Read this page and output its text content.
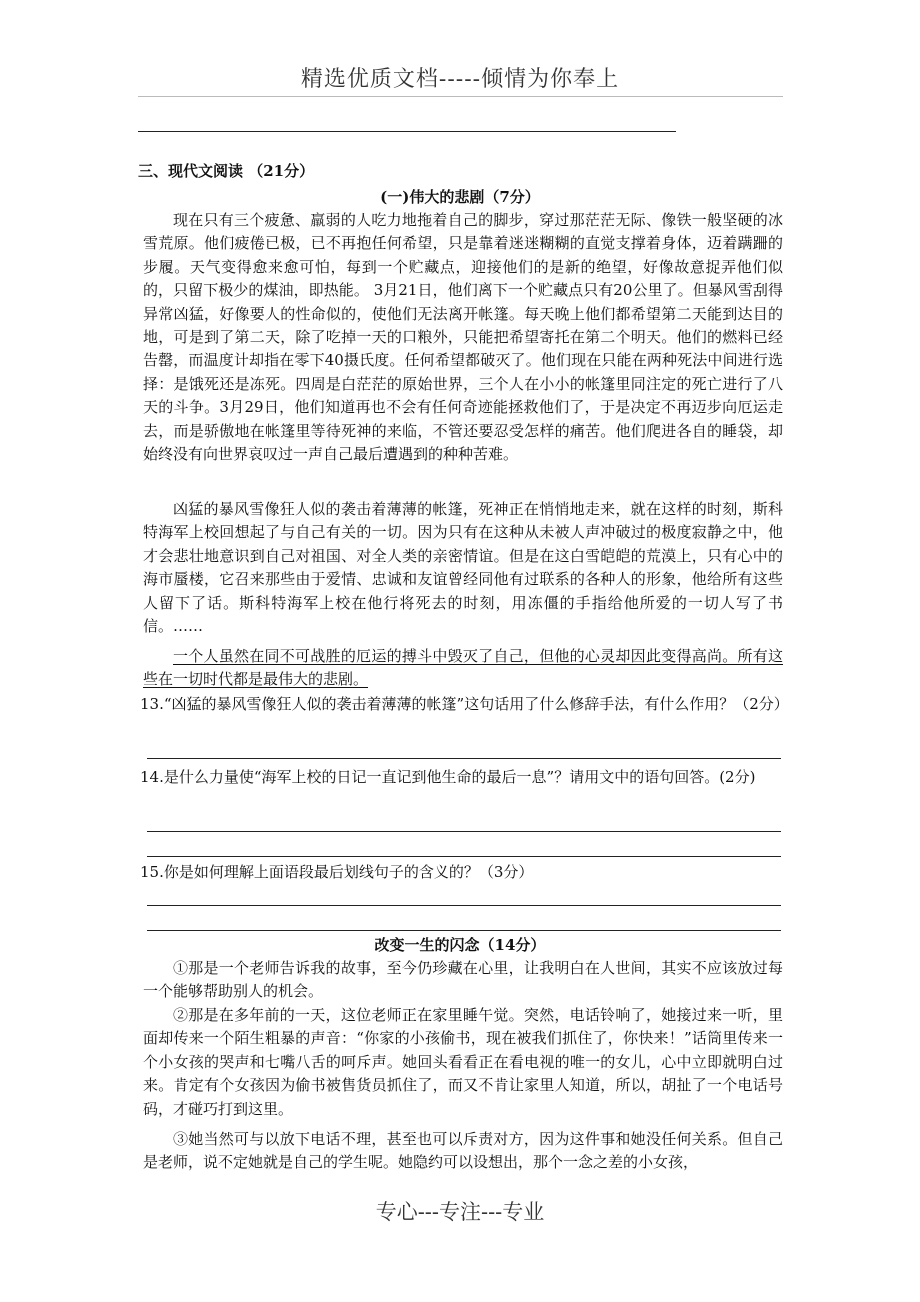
精选优质文档-----倾情为你奉上
三、现代文阅读 （21分）
(一)伟大的悲剧（7分）
现在只有三个疲惫、羸弱的人吃力地拖着自己的脚步，穿过那茫茫无际、像铁一般坚硬的冰雪荒原。他们疲倦已极，已不再抱任何希望，只是靠着迷迷糊糊的直觉支撑着身体，迈着蹒跚的步履。天气变得愈来愈可怕，每到一个贮藏点，迎接他们的是新的绝望，好像故意捉弄他们似的，只留下极少的煤油，即热能。 3月21日，他们离下一个贮藏点只有20公里了。但暴风雪刮得异常凶猛，好像要人的性命似的，使他们无法离开帐篷。每天晚上他们都希望第二天能到达目的地，可是到了第二天，除了吃掉一天的口粮外，只能把希望寄托在第二个明天。他们的燃料已经告罄，而温度计却指在零下40摄氏度。任何希望都破灭了。他们现在只能在两种死法中间进行选择：是饿死还是冻死。四周是白茫茫的原始世界，三个人在小小的帐篷里同注定的死亡进行了八天的斗争。3月29日，他们知道再也不会有任何奇迹能拯救他们了，于是决定不再迈步向厄运走去，而是骄傲地在帐篷里等待死神的来临，不管还要忍受怎样的痛苦。他们爬进各自的睡袋，却始终没有向世界哀叹过一声自己最后遭遇到的种种苦难。
凶猛的暴风雪像狂人似的袭击着薄薄的帐篷，死神正在悄悄地走来，就在这样的时刻，斯科特海军上校回想起了与自己有关的一切。因为只有在这种从未被人声冲破过的极度寂静之中，他才会悲壮地意识到自己对祖国、对全人类的亲密情谊。但是在这白雪皑皑的荒漠上，只有心中的海市蜃楼，它召来那些由于爱情、忠诚和友谊曾经同他有过联系的各种人的形象，他给所有这些人留下了话。斯科特海军上校在他行将死去的时刻，用冻僵的手指给他所爱的一切人写了书信。……
一个人虽然在同不可战胜的厄运的搏斗中毁灭了自己，但他的心灵却因此变得高尚。所有这些在一切时代都是最伟大的悲剧。
13.“凶猛的暴风雪像狂人似的袭击着薄薄的帐篷”这句话用了什么修辞手法，有什么作用？（2分）
14.是什么力量使“海军上校的日记一直记到他生命的最后一息”？请用文中的语句回答。(2分)
15.你是如何理解上面语段最后划线句子的含义的？（3分）
改变一生的闪念（14分）
①那是一个老师告诉我的故事，至今仍珍藏在心里，让我明白在人世间，其实不应该放过每一个能够帮助别人的机会。
②那是在多年前的一天，这位老师正在家里睡午觉。突然，电话铃响了，她接过来一听，里面却传来一个陌生粗暴的声音：“你家的小孩偷书，现在被我们抓住了，你快来！”话筒里传来一个小女孩的哭声和七嘴八舌的呵斥声。她回头看看正在看电视的唯一的女儿，心中立即就明白过来。肯定有个女孩因为偷书被售货员抓住了，而又不肯让家里人知道，所以，胡扯了一个电话号码，才碰巧打到这里。
③她当然可与以放下电话不理，甚至也可以斥责对方，因为这件事和她没任何关系。但自己是老师，说不定她就是自己的学生呢。她隐约可以设想出，那个一念之差的小女孩，
专心---专注---专业
